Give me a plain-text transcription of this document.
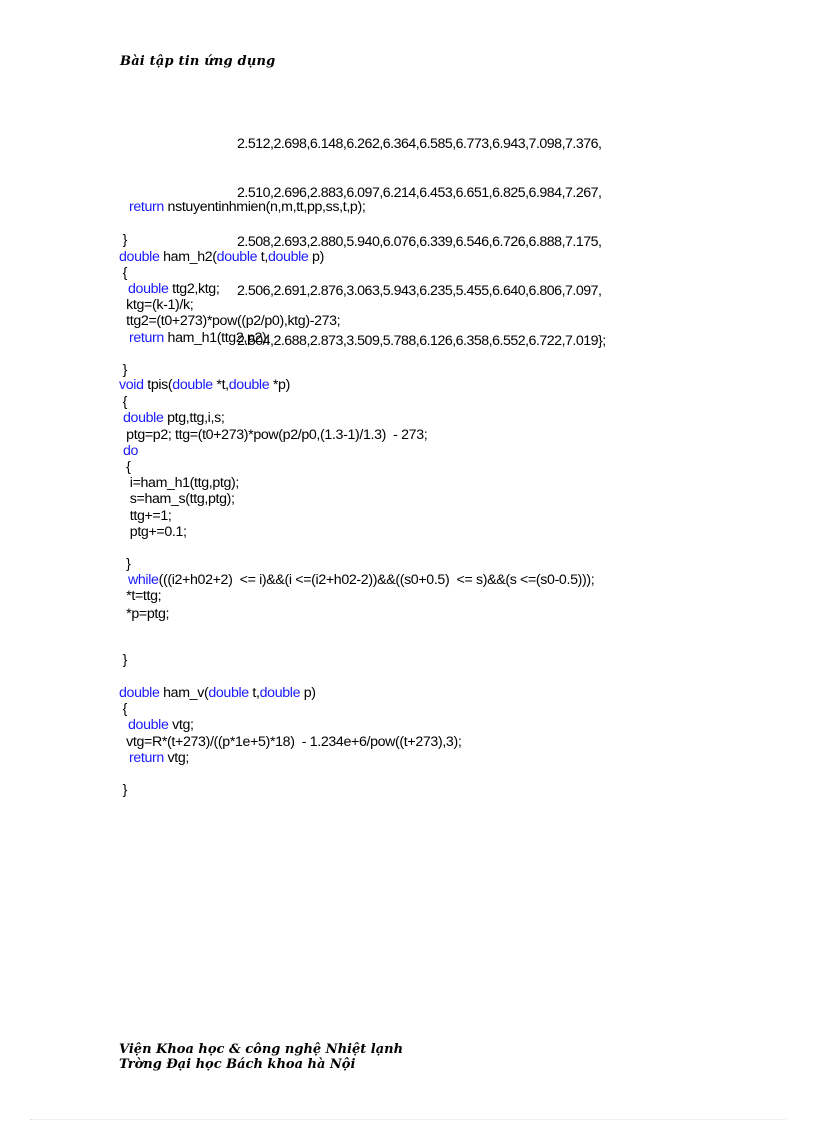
Bài tập tin ứng dụng

2.512,2.698,6.148,6.262,6.364,6.585,6.773,6.943,7.098,7.376,

2.510,2.696,2.883,6.097,6.214,6.453,6.651,6.825,6.984,7.267,

2.508,2.693,2.880,5.940,6.076,6.339,6.546,6.726,6.888,7.175,

2.506,2.691,2.876,3.063,5.943,6.235,5.455,6.640,6.806,7.097,

2.504,2.688,2.873,3.509,5.788,6.126,6.358,6.552,6.722,7.019};

return nstuyentinhmien(n,m,tt,pp,ss,t,p);

}

double ham_h2(double t,double p)

{

double ttg2,ktg;

ktg=(k-1)/k;

ttg2=(t0+273)*pow((p2/p0),ktg)-273;

return ham_h1(ttg2,p2);

}

void tpis(double *t,double *p)

{

double ptg,ttg,i,s;

ptg=p2; ttg=(t0+273)*pow(p2/p0,(1.3-1)/1.3)  - 273;

do

{

i=ham_h1(ttg,ptg);

s=ham_s(ttg,ptg);

ttg+=1;

ptg+=0.1;

}

while(((i2+h02+2)  <= i)&&(i <=(i2+h02-2))&&((s0+0.5)  <= s)&&(s <=(s0-0.5)));

*t=ttg;

*p=ptg;

}

double ham_v(double t,double p)

{

double vtg;

vtg=R*(t+273)/((p*1e+5)*18)  - 1.234e+6/pow((t+273),3);

return vtg;

}

Viện Khoa học & công nghệ Nhiệt lạnh
Trờng Đại học Bách khoa hà Nội
